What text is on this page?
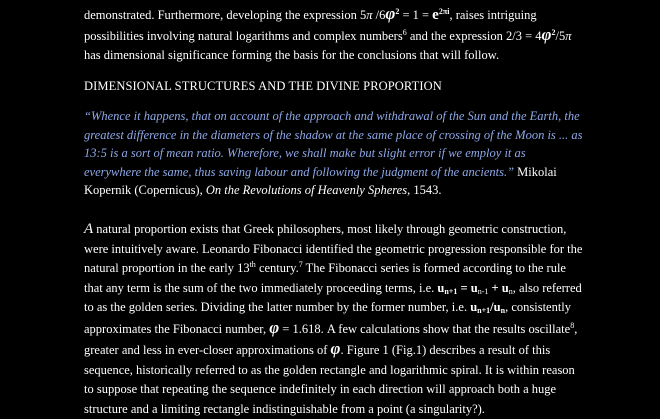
demonstrated. Furthermore, developing the expression 5π $/6\varphi^2 = 1 = e^{2\pi i}$, raises intriguing possibilities involving natural logarithms and complex numbers$^6$ and the expression $2/3 = 4\varphi^2/5\pi$ has dimensional significance forming the basis for the conclusions that will follow.
DIMENSIONAL STRUCTURES AND THE DIVINE PROPORTION
“Whence it happens, that on account of the approach and withdrawal of the Sun and the Earth, the greatest difference in the diameters of the shadow at the same place of crossing of the Moon is ... as 13:5 is a sort of mean ratio. Wherefore, we shall make but slight error if we employ it as everywhere the same, thus saving labour and following the judgment of the ancients.” Mikolai Kopernik (Copernicus), On the Revolutions of Heavenly Spheres, 1543.
A natural proportion exists that Greek philosophers, most likely through geometric construction, were intuitively aware. Leonardo Fibonacci identified the geometric progression responsible for the natural proportion in the early 13th century.$^7$ The Fibonacci series is formed according to the rule that any term is the sum of the two immediately proceeding terms, i.e. $u_{n+1} = u_{n-1} + u_n$, also referred to as the golden series. Dividing the latter number by the former number, i.e. $u_{n+1}/u_n$, consistently approximates the Fibonacci number, φ = 1.618. A few calculations show that the results oscillate$^8$, greater and less in ever-closer approximations of φ. Figure 1 (Fig.1) describes a result of this sequence, historically referred to as the golden rectangle and logarithmic spiral. It is within reason to suppose that repeating the sequence indefinitely in each direction will approach both a huge structure and a limiting rectangle indistinguishable from a point (a singularity?).
